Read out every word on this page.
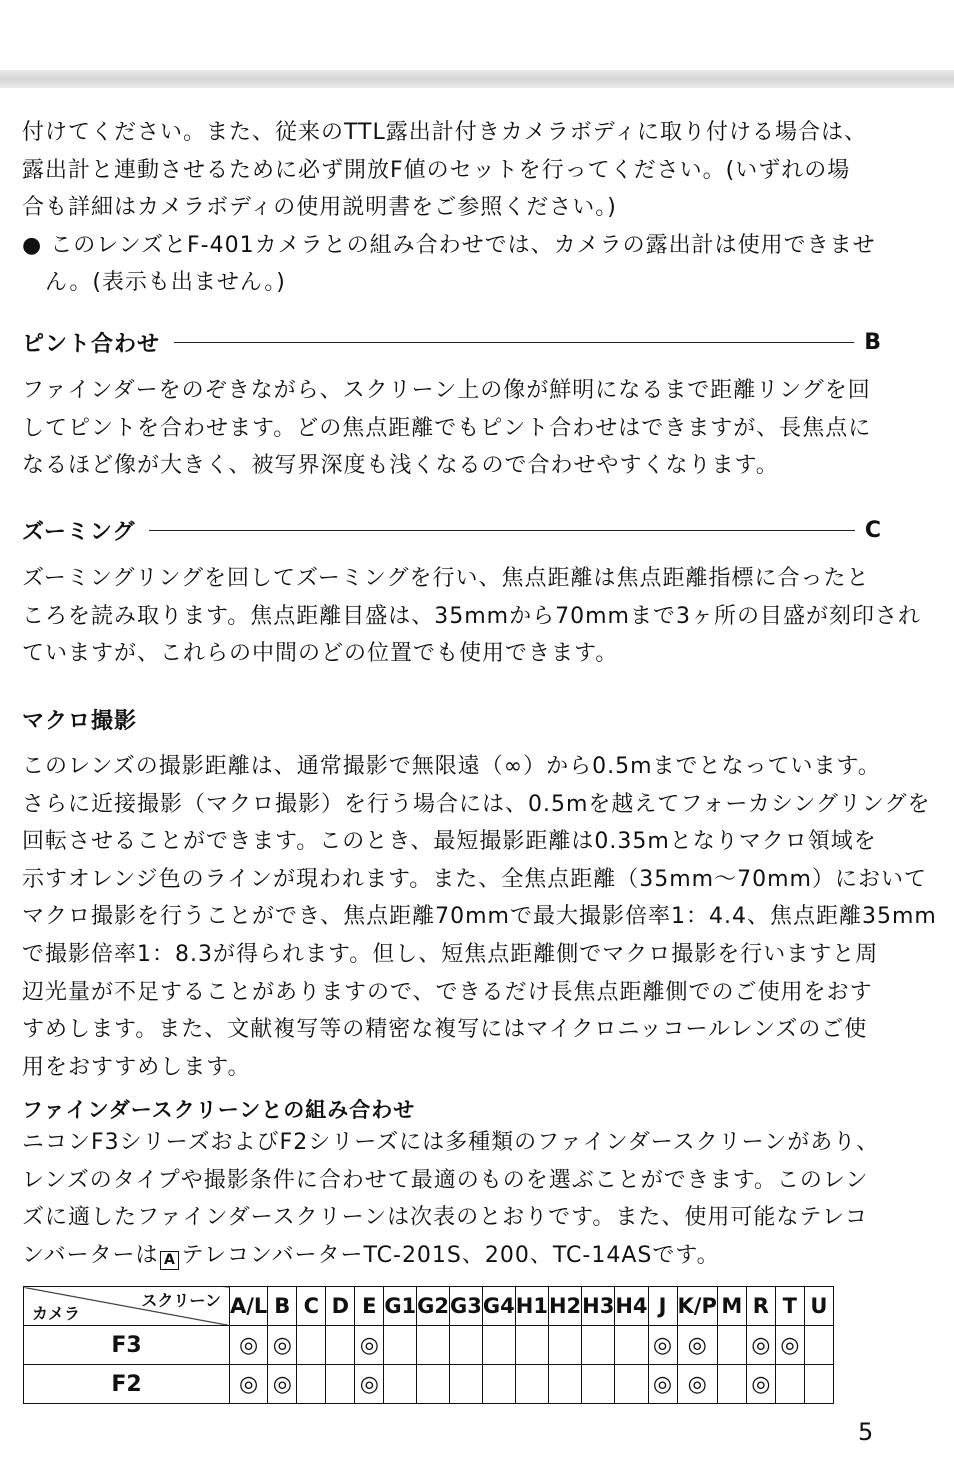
付けてください。また、従来のTTL露出計付きカメラボディに取り付ける場合は、
露出計と連動させるために必ず開放F値のセットを行ってください。(いずれの場
合も詳細はカメラボディの使用説明書をご参照ください。)
● このレンズとF-401カメラとの組み合わせでは、カメラの露出計は使用できませ
　ん。(表示も出ません。)
ピント合わせ	B
ファインダーをのぞきながら、スクリーン上の像が鮮明になるまで距離リングを回
してピントを合わせます。どの焦点距離でもピント合わせはできますが、長焦点に
なるほど像が大きく、被写界深度も浅くなるので合わせやすくなります。
ズーミング	C
ズーミングリングを回してズーミングを行い、焦点距離は焦点距離指標に合ったと
ころを読み取ります。焦点距離目盛は、35mmから70mmまで3ヶ所の目盛が刻印され
ていますが、これらの中間のどの位置でも使用できます。
マクロ撮影
このレンズの撮影距離は、通常撮影で無限遠（∞）から0.5mまでとなっています。
さらに近接撮影（マクロ撮影）を行う場合には、0.5mを越えてフォーカシングリングを
回転させることができます。このとき、最短撮影距離は0.35mとなりマクロ領域を
示すオレンジ色のラインが現われます。また、全焦点距離（35mm～70mm）において
マクロ撮影を行うことができ、焦点距離70mmで最大撮影倍率1：4.4、焦点距離35mm
で撮影倍率1：8.3が得られます。但し、短焦点距離側でマクロ撮影を行いますと周
辺光量が不足することがありますので、できるだけ長焦点距離側でのご使用をおす
すめします。また、文献複写等の精密な複写にはマイクロニッコールレンズのご使
用をおすすめします。
ファインダースクリーンとの組み合わせ
ニコンF3シリーズおよびF2シリーズには多種類のファインダースクリーンがあり、
レンズのタイプや撮影条件に合わせて最適のものを選ぶことができます。このレン
ズに適したファインダースクリーンは次表のとおりです。また、使用可能なテレコ
ンバーターは A テレコンバーターTC-201S、200、TC-14ASです。
スクリーン
カメラ	A/L	B	C	D	E	G1	G2	G3	G4	H1	H2	H3	H4	J	K/P	M	R	T	U
F3	◎	◎			◎									◎	◎		◎	◎	
F2	◎	◎			◎									◎	◎		◎		
5
